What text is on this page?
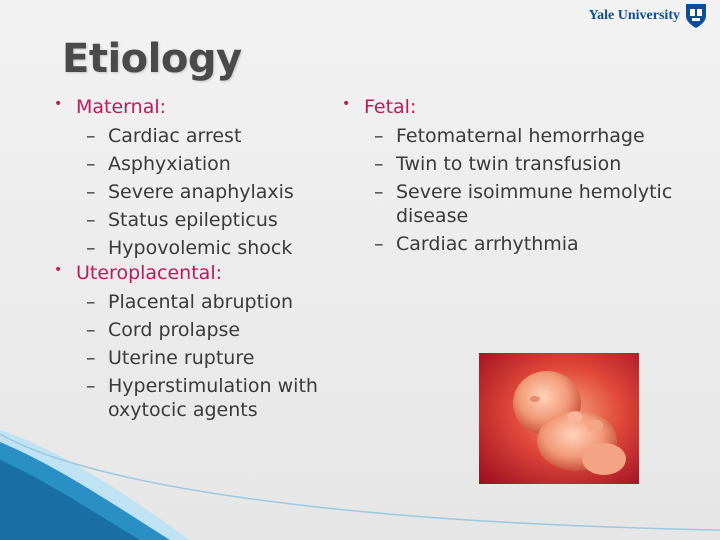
Yale University
Etiology
• Maternal:
– Cardiac arrest
– Asphyxiation
– Severe anaphylaxis
– Status epilepticus
– Hypovolemic shock
• Uteroplacental:
– Placental abruption
– Cord prolapse
– Uterine rupture
– Hyperstimulation with oxytocic agents
• Fetal:
– Fetomaternal hemorrhage
– Twin to twin transfusion
– Severe isoimmune hemolytic disease
– Cardiac arrhythmia
